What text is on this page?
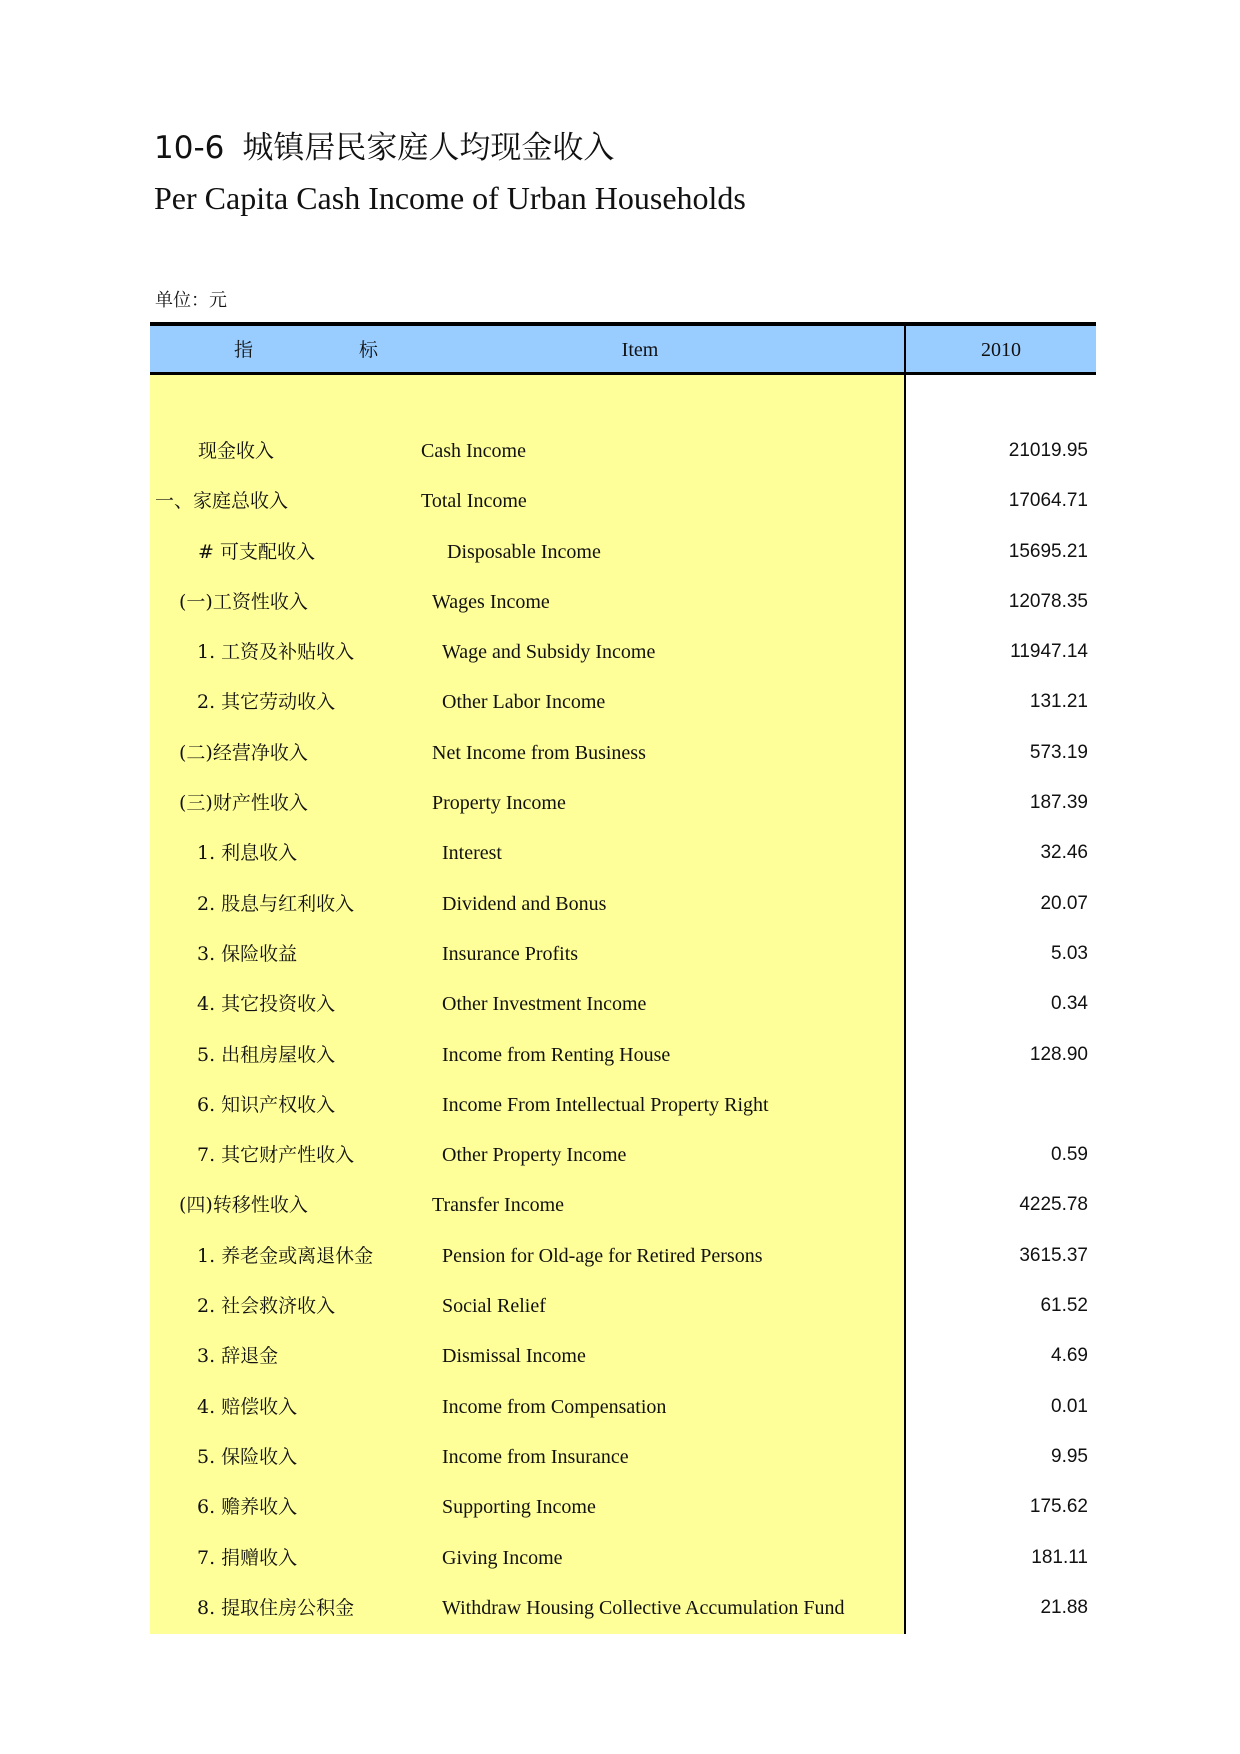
10-6 城镇居民家庭人均现金收入
Per Capita Cash Income of Urban Households
单位：元
指 标	Item	2010
现金收入	Cash Income	21019.95
一、家庭总收入	Total Income	17064.71
# 可支配收入	Disposable Income	15695.21
(一)工资性收入	Wages Income	12078.35
1. 工资及补贴收入	Wage and Subsidy Income	11947.14
2. 其它劳动收入	Other Labor Income	131.21
(二)经营净收入	Net Income from Business	573.19
(三)财产性收入	Property Income	187.39
1. 利息收入	Interest	32.46
2. 股息与红利收入	Dividend and Bonus	20.07
3. 保险收益	Insurance Profits	5.03
4. 其它投资收入	Other Investment Income	0.34
5. 出租房屋收入	Income from Renting House	128.90
6. 知识产权收入	Income From Intellectual Property Right
7. 其它财产性收入	Other Property Income	0.59
(四)转移性收入	Transfer Income	4225.78
1. 养老金或离退休金	Pension for Old-age for Retired Persons	3615.37
2. 社会救济收入	Social Relief	61.52
3. 辞退金	Dismissal Income	4.69
4. 赔偿收入	Income from Compensation	0.01
5. 保险收入	Income from Insurance	9.95
6. 赡养收入	Supporting Income	175.62
7. 捐赠收入	Giving Income	181.11
8. 提取住房公积金	Withdraw Housing Collective Accumulation Fund	21.88
